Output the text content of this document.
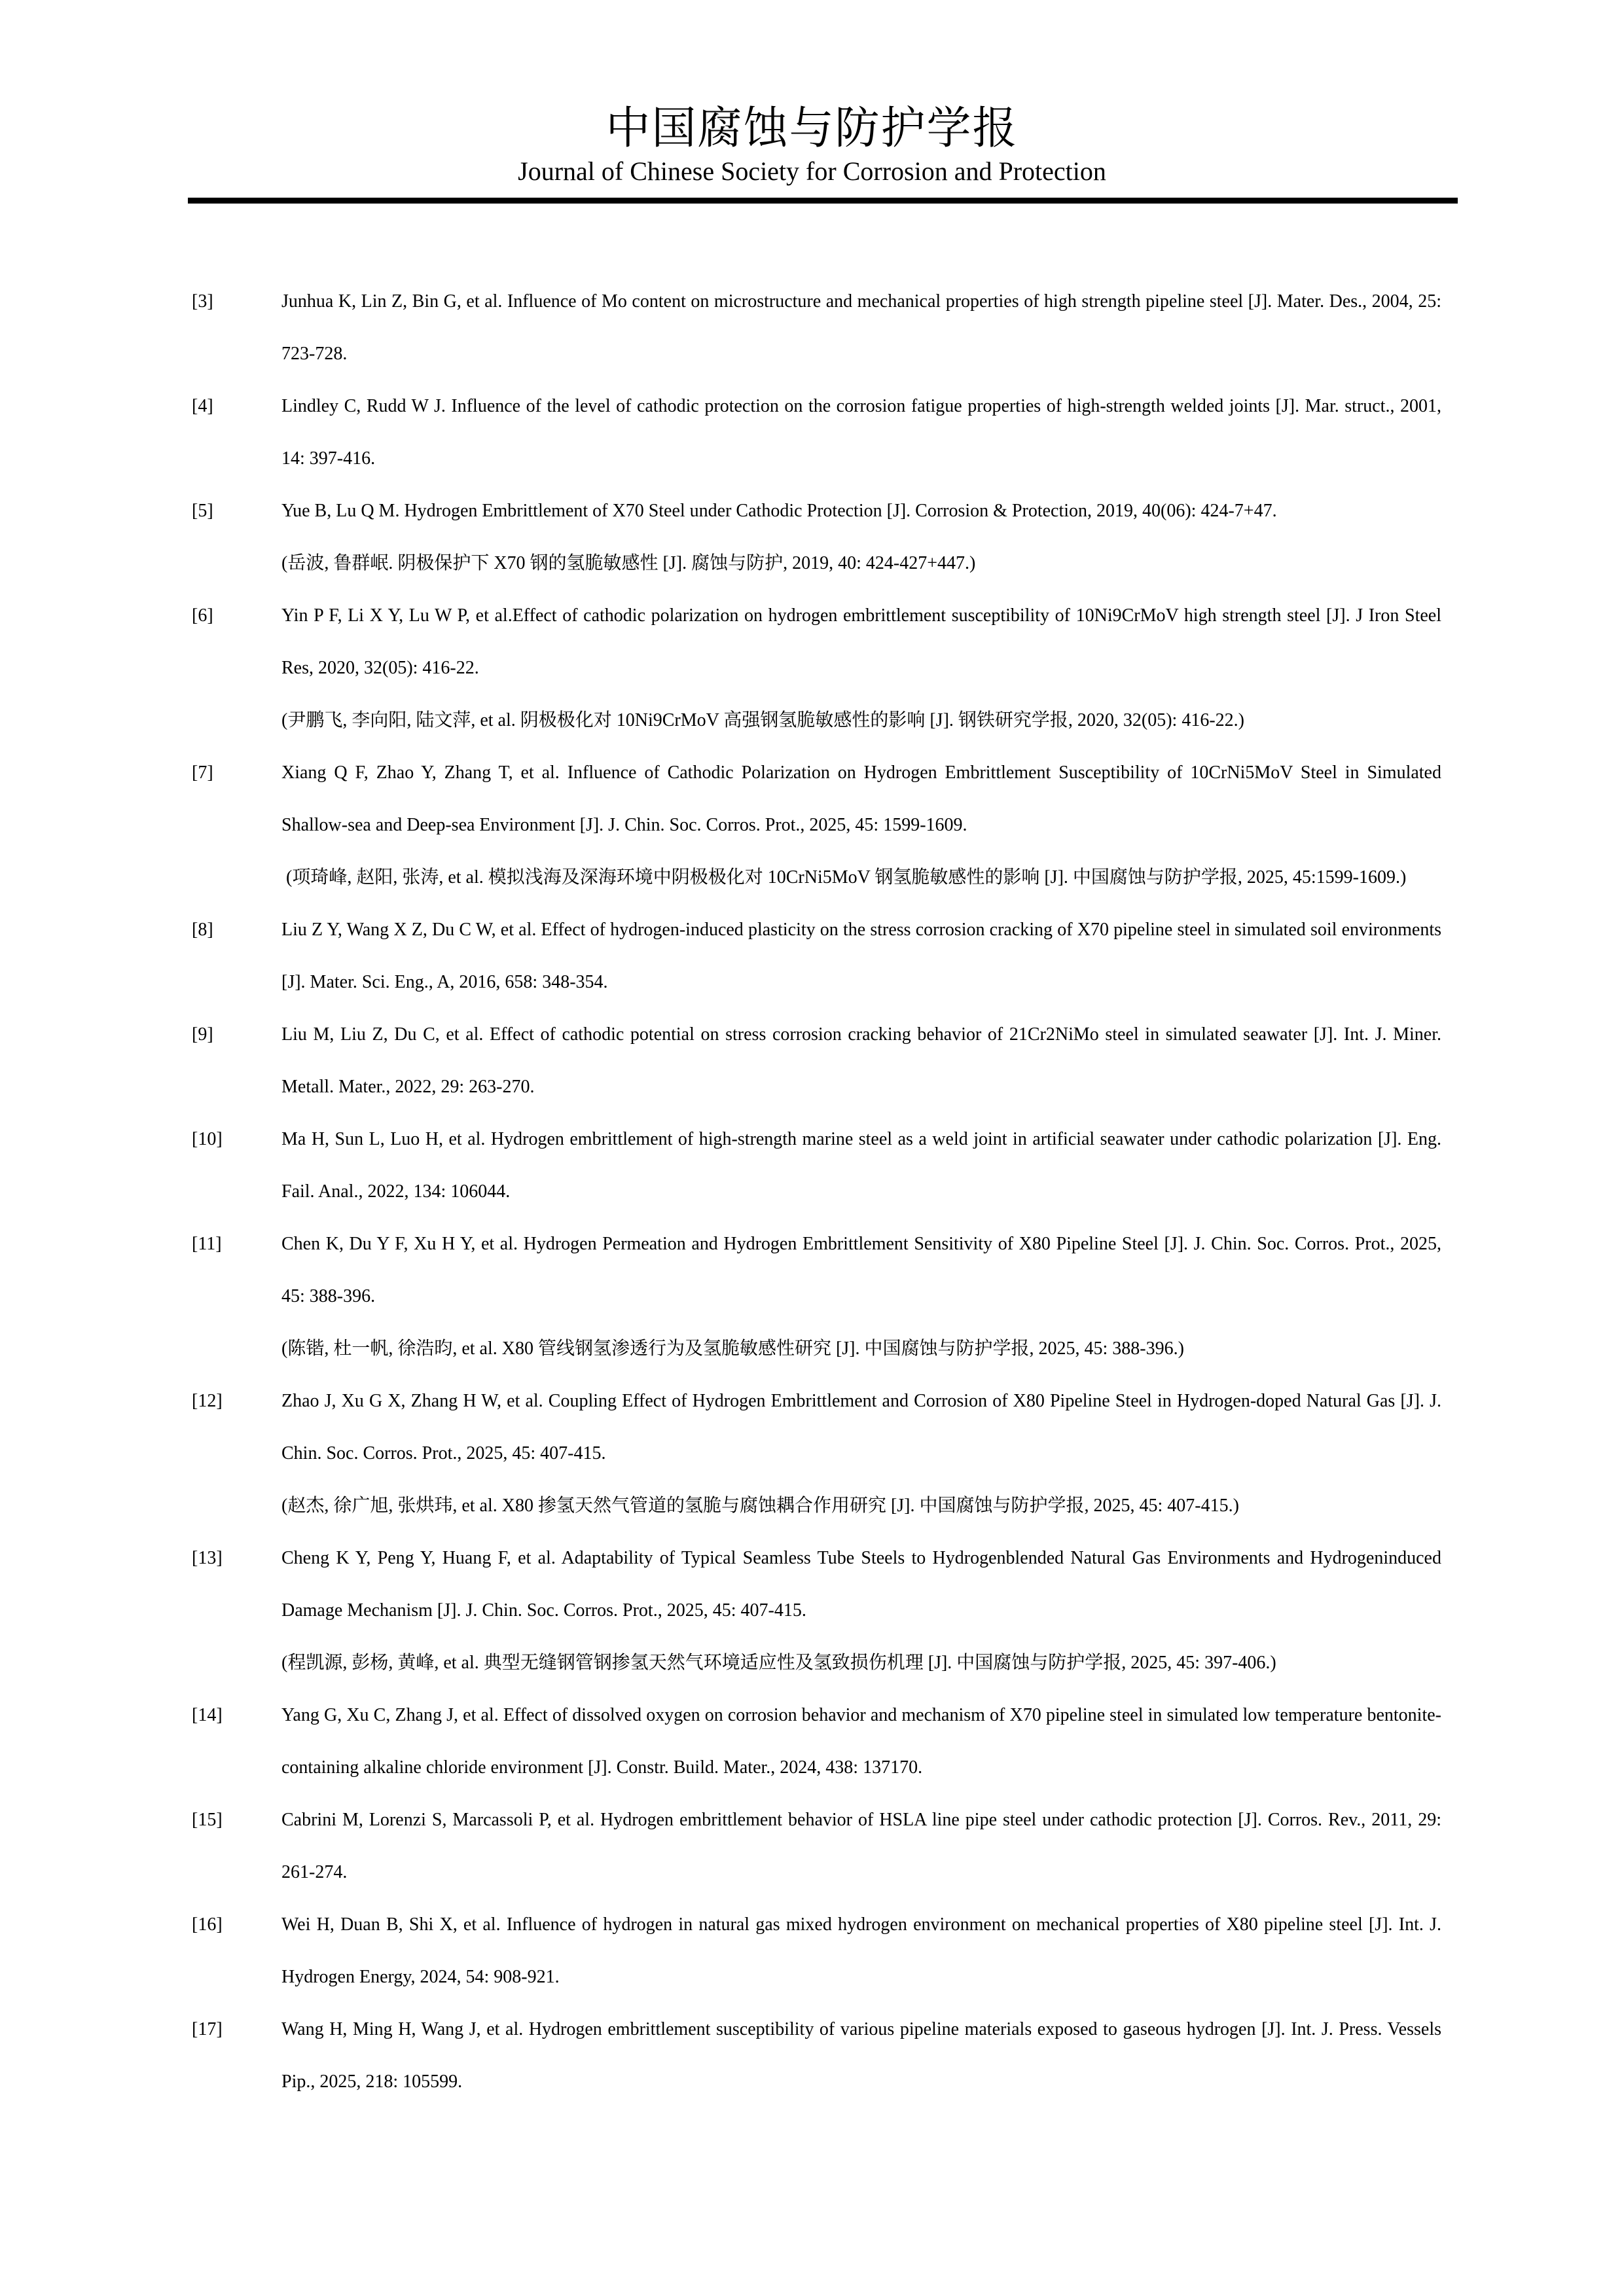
中国腐蚀与防护学报
Journal of Chinese Society for Corrosion and Protection
[3]	Junhua K, Lin Z, Bin G, et al. Influence of Mo content on microstructure and mechanical properties of high strength pipeline steel [J]. Mater. Des., 2004, 25: 723-728.
[4]	Lindley C, Rudd W J. Influence of the level of cathodic protection on the corrosion fatigue properties of high-strength welded joints [J]. Mar. struct., 2001, 14: 397-416.
[5]	Yue B, Lu Q M. Hydrogen Embrittlement of X70 Steel under Cathodic Protection [J]. Corrosion & Protection, 2019, 40(06): 424-7+47.
(岳波, 鲁群岷. 阴极保护下 X70 钢的氢脆敏感性 [J]. 腐蚀与防护, 2019, 40: 424-427+447.)
[6]	Yin P F, Li X Y, Lu W P, et al.Effect of cathodic polarization on hydrogen embrittlement susceptibility of 10Ni9CrMoV high strength steel [J]. J Iron Steel Res, 2020, 32(05): 416-22.
(尹鹏飞, 李向阳, 陆文萍, et al. 阴极极化对 10Ni9CrMoV 高强钢氢脆敏感性的影响 [J]. 钢铁研究学报, 2020, 32(05): 416-22.)
[7]	Xiang Q F, Zhao Y, Zhang T, et al. Influence of Cathodic Polarization on Hydrogen Embrittlement Susceptibility of 10CrNi5MoV Steel in Simulated Shallow-sea and Deep-sea Environment [J]. J. Chin. Soc. Corros. Prot., 2025, 45: 1599-1609.
(项琦峰, 赵阳, 张涛, et al. 模拟浅海及深海环境中阴极极化对 10CrNi5MoV 钢氢脆敏感性的影响 [J]. 中国腐蚀与防护学报, 2025, 45:1599-1609.)
[8]	Liu Z Y, Wang X Z, Du C W, et al. Effect of hydrogen-induced plasticity on the stress corrosion cracking of X70 pipeline steel in simulated soil environments [J]. Mater. Sci. Eng., A, 2016, 658: 348-354.
[9]	Liu M, Liu Z, Du C, et al. Effect of cathodic potential on stress corrosion cracking behavior of 21Cr2NiMo steel in simulated seawater [J]. Int. J. Miner. Metall. Mater., 2022, 29: 263-270.
[10]	Ma H, Sun L, Luo H, et al. Hydrogen embrittlement of high-strength marine steel as a weld joint in artificial seawater under cathodic polarization [J]. Eng. Fail. Anal., 2022, 134: 106044.
[11]	Chen K, Du Y F, Xu H Y, et al. Hydrogen Permeation and Hydrogen Embrittlement Sensitivity of X80 Pipeline Steel [J]. J. Chin. Soc. Corros. Prot., 2025, 45: 388-396.
(陈锴, 杜一帆, 徐浩昀, et al. X80 管线钢氢渗透行为及氢脆敏感性研究 [J]. 中国腐蚀与防护学报, 2025, 45: 388-396.)
[12]	Zhao J, Xu G X, Zhang H W, et al. Coupling Effect of Hydrogen Embrittlement and Corrosion of X80 Pipeline Steel in Hydrogen-doped Natural Gas [J]. J. Chin. Soc. Corros. Prot., 2025, 45: 407-415.
(赵杰, 徐广旭, 张烘玮, et al. X80 掺氢天然气管道的氢脆与腐蚀耦合作用研究 [J]. 中国腐蚀与防护学报, 2025, 45: 407-415.)
[13]	Cheng K Y, Peng Y, Huang F, et al. Adaptability of Typical Seamless Tube Steels to Hydrogenblended Natural Gas Environments and Hydrogeninduced Damage Mechanism [J]. J. Chin. Soc. Corros. Prot., 2025, 45: 407-415.
(程凯源, 彭杨, 黄峰, et al. 典型无缝钢管钢掺氢天然气环境适应性及氢致损伤机理 [J]. 中国腐蚀与防护学报, 2025, 45: 397-406.)
[14]	Yang G, Xu C, Zhang J, et al. Effect of dissolved oxygen on corrosion behavior and mechanism of X70 pipeline steel in simulated low temperature bentonite-containing alkaline chloride environment [J]. Constr. Build. Mater., 2024, 438: 137170.
[15]	Cabrini M, Lorenzi S, Marcassoli P, et al. Hydrogen embrittlement behavior of HSLA line pipe steel under cathodic protection [J]. Corros. Rev., 2011, 29: 261-274.
[16]	Wei H, Duan B, Shi X, et al. Influence of hydrogen in natural gas mixed hydrogen environment on mechanical properties of X80 pipeline steel [J]. Int. J. Hydrogen Energy, 2024, 54: 908-921.
[17]	Wang H, Ming H, Wang J, et al. Hydrogen embrittlement susceptibility of various pipeline materials exposed to gaseous hydrogen [J]. Int. J. Press. Vessels Pip., 2025, 218: 105599.
